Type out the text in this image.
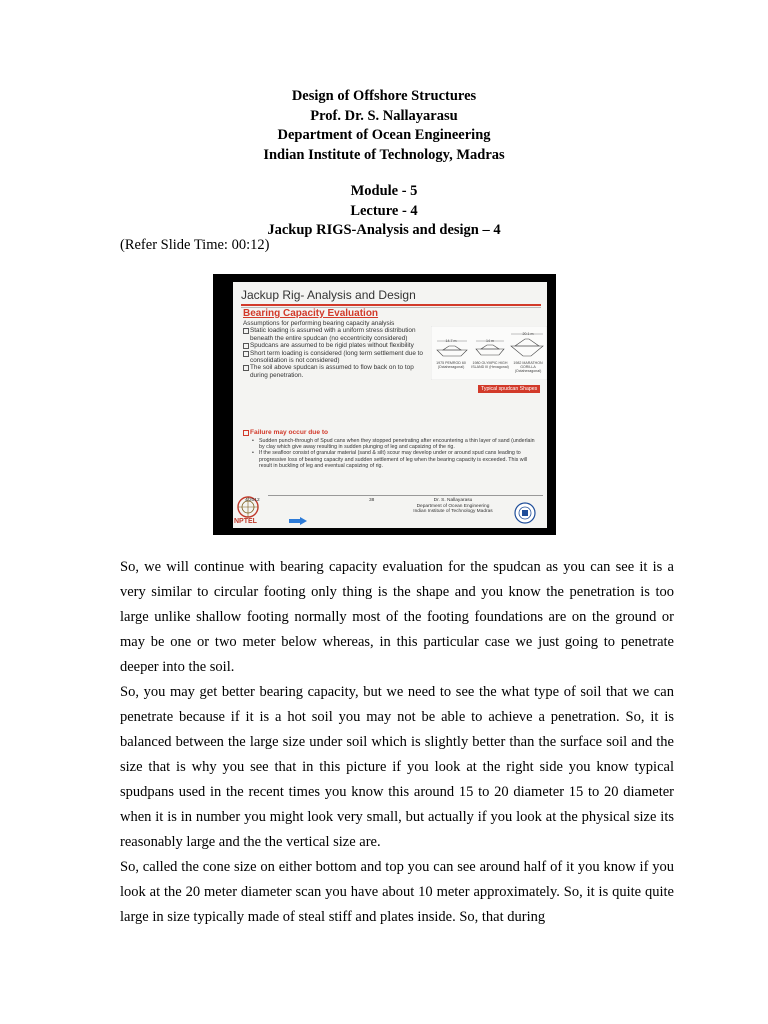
Design of Offshore Structures
Prof. Dr. S. Nallayarasu
Department of Ocean Engineering
Indian Institute of Technology, Madras
Module - 5
Lecture - 4
Jackup RIGS-Analysis and design – 4
(Refer Slide Time: 00:12)
Jackup Rig- Analysis and Design
Bearing Capacity Evaluation
Assumptions for performing bearing capacity analysis
Static loading is assumed with a uniform stress distribution beneath the entire spudcan (no eccentricity considered)
Spudcans are assumed to be rigid plates without flexibility
Short term loading is considered (long term settlement due to consolidation is not considered)
The soil above spudcan is assumed to flow back on to top during penetration.
14.7 m	14 m
20.1 m
1975 PEMROD 60 (Octahexagonal)
1980 OLYMPIC HIGH ISLAND III (Hexagonal)
1982 MARATHON GORILLA (Octahexagonal)
Typical spudcan Shapes
Failure may occur due to
• Sudden punch-through of Spud cans when they stopped penetrating after encountering a thin layer of sand (underlain by clay which give away resulting in sudden plunging of leg and capsizing of the rig.
• If the seafloor consist of granular material (sand & silt) scour may develop under or around spud cans leading to progressive loss of bearing capacity and sudden settlement of leg when the bearing capacity is exceeded. This will result in buckling of leg and eventual capsizing of rig.
NPTEL
4/2012	38	Dr. S. Nallayarasu
Department of Ocean Engineering
Indian Institute of Technology Madras

So, we will continue with bearing capacity evaluation for the spudcan as you can see it is a very similar to circular footing only thing is the shape and you know the penetration is too large unlike shallow footing normally most of the footing foundations are on the ground or may be one or two meter below whereas, in this particular case we just going to penetrate deeper into the soil.

So, you may get better bearing capacity, but we need to see the what type of soil that we can penetrate because if it is a hot soil you may not be able to achieve a penetration. So, it is balanced between the large size under soil which is slightly better than the surface soil and the size that is why you see that in this picture if you look at the right side you know typical spudpans used in the recent times you know this around 15 to 20 diameter 15 to 20 diameter when it is in number you might look very small, but actually if you look at the physical size its reasonably large and the the vertical size are.

So, called the cone size on either bottom and top you can see around half of it you know if you look at the 20 meter diameter scan you have about 10 meter approximately. So, it is quite quite large in size typically made of steal stiff and plates inside. So, that during
